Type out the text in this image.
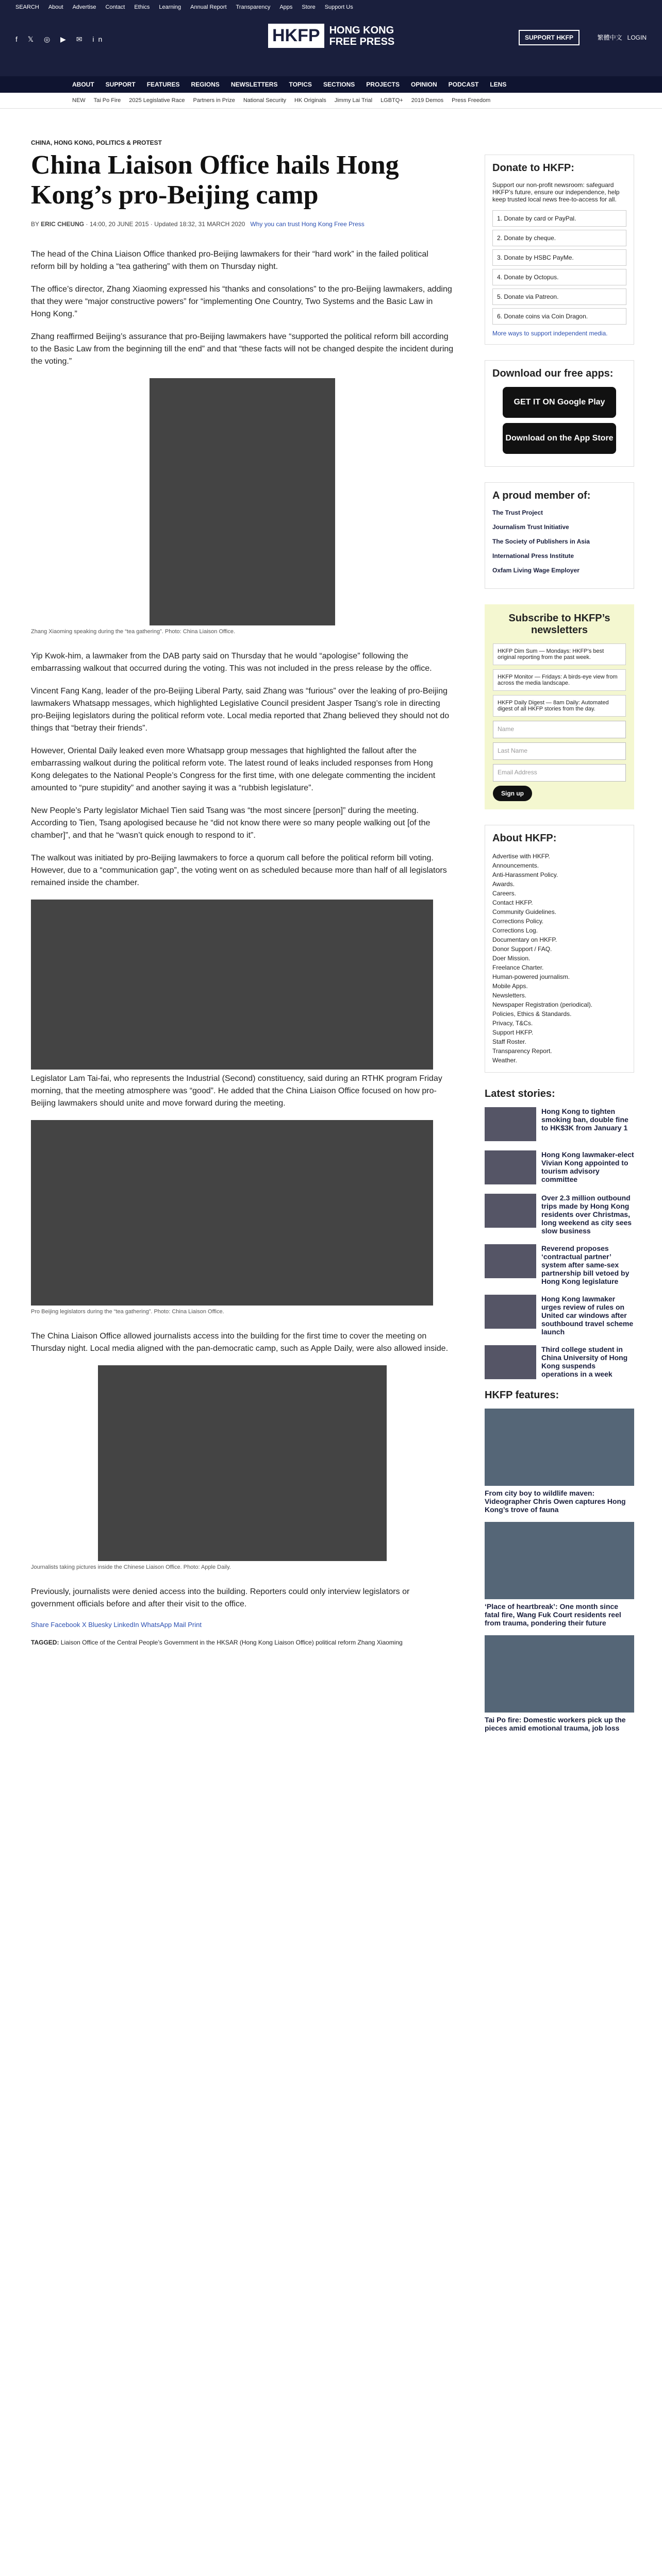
SEARCH About Advertise Contact Ethics Learning Annual Report Transparency Apps Store Support Us
f 𝕏 ◎ ▶ ✉ in	HKFP HONG KONG
FREE PRESS	SUPPORT HKFP	繁體中文 LOGIN
ABOUT SUPPORT FEATURES REGIONS NEWSLETTERS TOPICS SECTIONS PROJECTS OPINION PODCAST LENS
NEW Tai Po Fire 2025 Legislative Race Partners in Prize National Security HK Originals Jimmy Lai Trial LGBTQ+ 2019 Demos Press Freedom
CHINA, HONG KONG, POLITICS & PROTEST
China Liaison Office hails Hong Kong’s pro-Beijing camp
BY ERIC CHEUNG · 14:00, 20 JUNE 2015 · Updated 18:32, 31 MARCH 2020 Why you can trust Hong Kong Free Press

The head of the China Liaison Office thanked pro-Beijing lawmakers for their “hard work” in the failed political reform bill by holding a “tea gathering” with them on Thursday night.

The office’s director, Zhang Xiaoming expressed his “thanks and consolations” to the pro-Beijing lawmakers, adding that they were “major constructive powers” for “implementing One Country, Two Systems and the Basic Law in Hong Kong.”

Zhang reaffirmed Beijing’s assurance that pro-Beijing lawmakers have “supported the political reform bill according to the Basic Law from the beginning till the end” and that “these facts will not be changed despite the incident during the voting.”

Zhang Xiaoming speaking during the “tea gathering”. Photo: China Liaison Office.

Yip Kwok-him, a lawmaker from the DAB party said on Thursday that he would “apologise” following the embarrassing walkout that occurred during the voting. This was not included in the press release by the office.

Vincent Fang Kang, leader of the pro-Beijing Liberal Party, said Zhang was “furious” over the leaking of pro-Beijing lawmakers Whatsapp messages, which highlighted Legislative Council president Jasper Tsang’s role in directing pro-Beijing legislators during the political reform vote. Local media reported that Zhang believed they should not do things that “betray their friends”.

However, Oriental Daily leaked even more Whatsapp group messages that highlighted the fallout after the embarrassing walkout during the political reform vote. The latest round of leaks included responses from Hong Kong delegates to the National People’s Congress for the first time, with one delegate commenting the incident amounted to “pure stupidity” and another saying it was a “rubbish legislature”.

New People’s Party legislator Michael Tien said Tsang was “the most sincere [person]” during the meeting. According to Tien, Tsang apologised because he “did not know there were so many people walking out [of the chamber]”, and that he “wasn’t quick enough to respond to it”.

The walkout was initiated by pro-Beijing lawmakers to force a quorum call before the political reform bill voting. However, due to a “communication gap”, the voting went on as scheduled because more than half of all legislators remained inside the chamber.

Legislator Lam Tai-fai, who represents the Industrial (Second) constituency, said during an RTHK program Friday morning, that the meeting atmosphere was “good”. He added that the China Liaison Office focused on how pro-Beijing lawmakers should unite and move forward during the meeting.

Pro Beijing legislators during the “tea gathering”. Photo: China Liaison Office.

The China Liaison Office allowed journalists access into the building for the first time to cover the meeting on Thursday night. Local media aligned with the pan-democratic camp, such as Apple Daily, were also allowed inside.

Journalists taking pictures inside the Chinese Liaison Office. Photo: Apple Daily.

Previously, journalists were denied access into the building. Reporters could only interview legislators or government officials before and after their visit to the office.

Share Facebook X Bluesky LinkedIn WhatsApp Mail Print
TAGGED: Liaison Office of the Central People’s Government in the HKSAR (Hong Kong Liaison Office) political reform Zhang Xiaoming
Donate to HKFP:
Support our non-profit newsroom: safeguard HKFP’s future, ensure our independence, help keep trusted local news free-to-access for all.
1. Donate by card or PayPal.
2. Donate by cheque.
3. Donate by HSBC PayMe.
4. Donate by Octopus.
5. Donate via Patreon.
6. Donate coins via Coin Dragon.
More ways to support independent media.
Download our free apps:
GET IT ON Google Play
Download on the App Store
A proud member of:
The Trust Project
Journalism Trust Initiative
The Society of Publishers in Asia
International Press Institute
Oxfam Living Wage Employer
Subscribe to HKFP’s newsletters
HKFP Dim Sum — Mondays: HKFP’s best original reporting from the past week.
HKFP Monitor — Fridays: A birds-eye view from across the media landscape.
HKFP Daily Digest — 8am Daily: Automated digest of all HKFP stories from the day.
Name
Last Name
Email Address
Sign up
About HKFP:
Advertise with HKFP.
Announcements.
Anti-Harassment Policy.
Awards.
Careers.
Contact HKFP.
Community Guidelines.
Corrections Policy.
Corrections Log.
Documentary on HKFP.
Donor Support / FAQ.
Doer Mission.
Freelance Charter.
Human-powered journalism.
Mobile Apps.
Newsletters.
Newspaper Registration (periodical).
Policies, Ethics & Standards.
Privacy, T&Cs.
Support HKFP.
Staff Roster.
Transparency Report.
Weather.
Latest stories:
Hong Kong to tighten smoking ban, double fine to HK$3K from January 1
Hong Kong lawmaker-elect Vivian Kong appointed to tourism advisory committee
Over 2.3 million outbound trips made by Hong Kong residents over Christmas, long weekend as city sees slow business
Reverend proposes ‘contractual partner’ system after same-sex partnership bill vetoed by Hong Kong legislature
Hong Kong lawmaker urges review of rules on United car windows after southbound travel scheme launch
Third college student in China University of Hong Kong suspends operations in a week
HKFP features:
From city boy to wildlife maven: Videographer Chris Owen captures Hong Kong’s trove of fauna
‘Place of heartbreak’: One month since fatal fire, Wang Fuk Court residents reel from trauma, pondering their future
Tai Po fire: Domestic workers pick up the pieces amid emotional trauma, job loss
